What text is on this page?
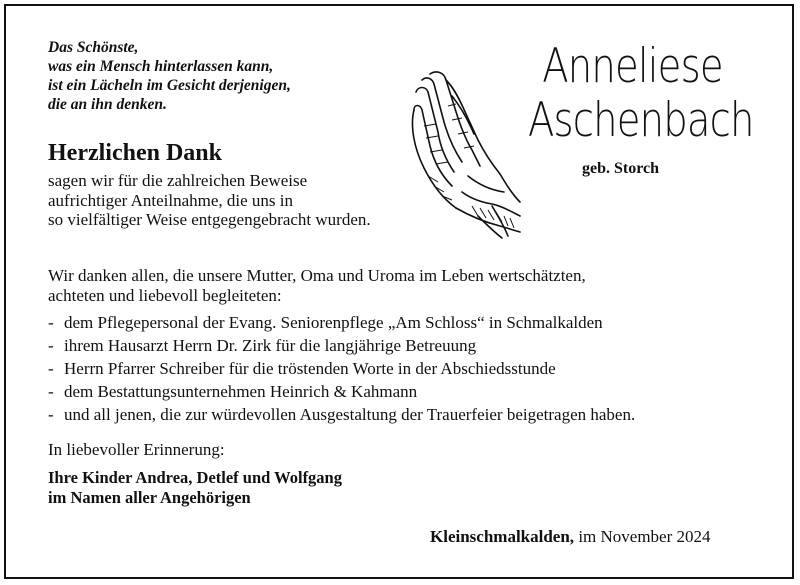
Das Schönste,
was ein Mensch hinterlassen kann,
ist ein Lächeln im Gesicht derjenigen,
die an ihn denken.
Herzlichen Dank
sagen wir für die zahlreichen Beweise
aufrichtiger Anteilnahme, die uns in
so vielfältiger Weise entgegengebracht wurden.
Anneliese
Aschenbach
geb. Storch
Wir danken allen, die unsere Mutter, Oma und Uroma im Leben wertschätzten,
achteten und liebevoll begleiteten:
- dem Pflegepersonal der Evang. Seniorenpflege „Am Schloss“ in Schmalkalden
- ihrem Hausarzt Herrn Dr. Zirk für die langjährige Betreuung
- Herrn Pfarrer Schreiber für die tröstenden Worte in der Abschiedsstunde
- dem Bestattungsunternehmen Heinrich & Kahmann
- und all jenen, die zur würdevollen Ausgestaltung der Trauerfeier beigetragen haben.
In liebevoller Erinnerung:
Ihre Kinder Andrea, Detlef und Wolfgang
im Namen aller Angehörigen
Kleinschmalkalden, im November 2024
